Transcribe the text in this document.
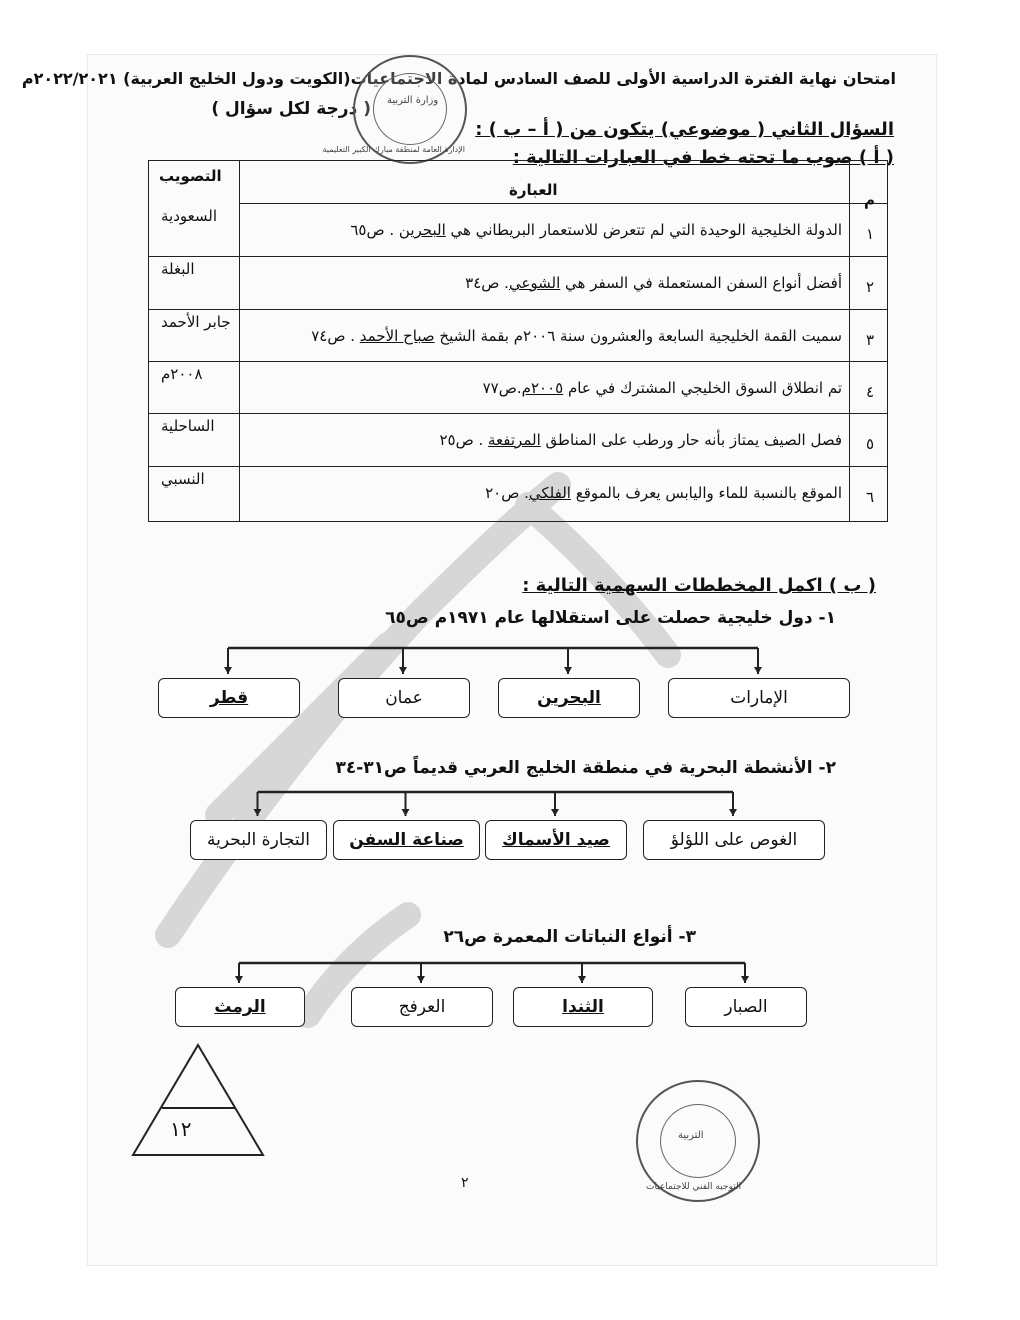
امتحان نهاية الفترة الدراسية الأولى للصف السادس لمادة الاجتماعيات(الكويت ودول الخليج العربية) ٢٠٢٢/٢٠٢١م
السؤال الثاني ( موضوعي) يتكون من ( أ – ب ) :
( درجة لكل سؤال )
( أ ) صوب ما تحته خط في العبارات التالية :
وزارة التربية
الإدارة العامة لمنطقة مبارك الكبير التعليمية
التصويب
العبارة
م
السعودية
الدولة الخليجية الوحيدة التي لم تتعرض للاستعمار البريطاني هي البحرين . ص٦٥	١
البغلة
أفضل أنواع السفن المستعملة في السفر هي الشوعي. ص٣٤	٢
جابر الأحمد
سميت القمة الخليجية السابعة والعشرون سنة ٢٠٠٦م بقمة الشيخ صباح الأحمد . ص٧٤	٣
٢٠٠٨م
تم انطلاق السوق الخليجي المشترك في عام ٢٠٠٥م.ص٧٧	٤
الساحلية
فصل الصيف يمتاز بأنه حار ورطب على المناطق المرتفعة . ص٢٥	٥
النسبي
الموقع بالنسبة للماء واليابس يعرف بالموقع الفلكي. ص٢٠	٦
( ب ) اكمل المخططات السهمية التالية :
١- دول خليجية حصلت على استقلالها عام ١٩٧١م ص٦٥
الإمارات
البحرين
عمان
قطر
٢- الأنشطة البحرية في منطقة الخليج العربي قديماً ص٣١-٣٤
الغوص على اللؤلؤ
صيد الأسماك
صناعة السفن
التجارة البحرية
٣- أنواع النباتات المعمرة ص٢٦
الصبار
الثندا
العرفج
الرمث
١٢	التربية
التوجيه الفني للاجتماعيات
٢
